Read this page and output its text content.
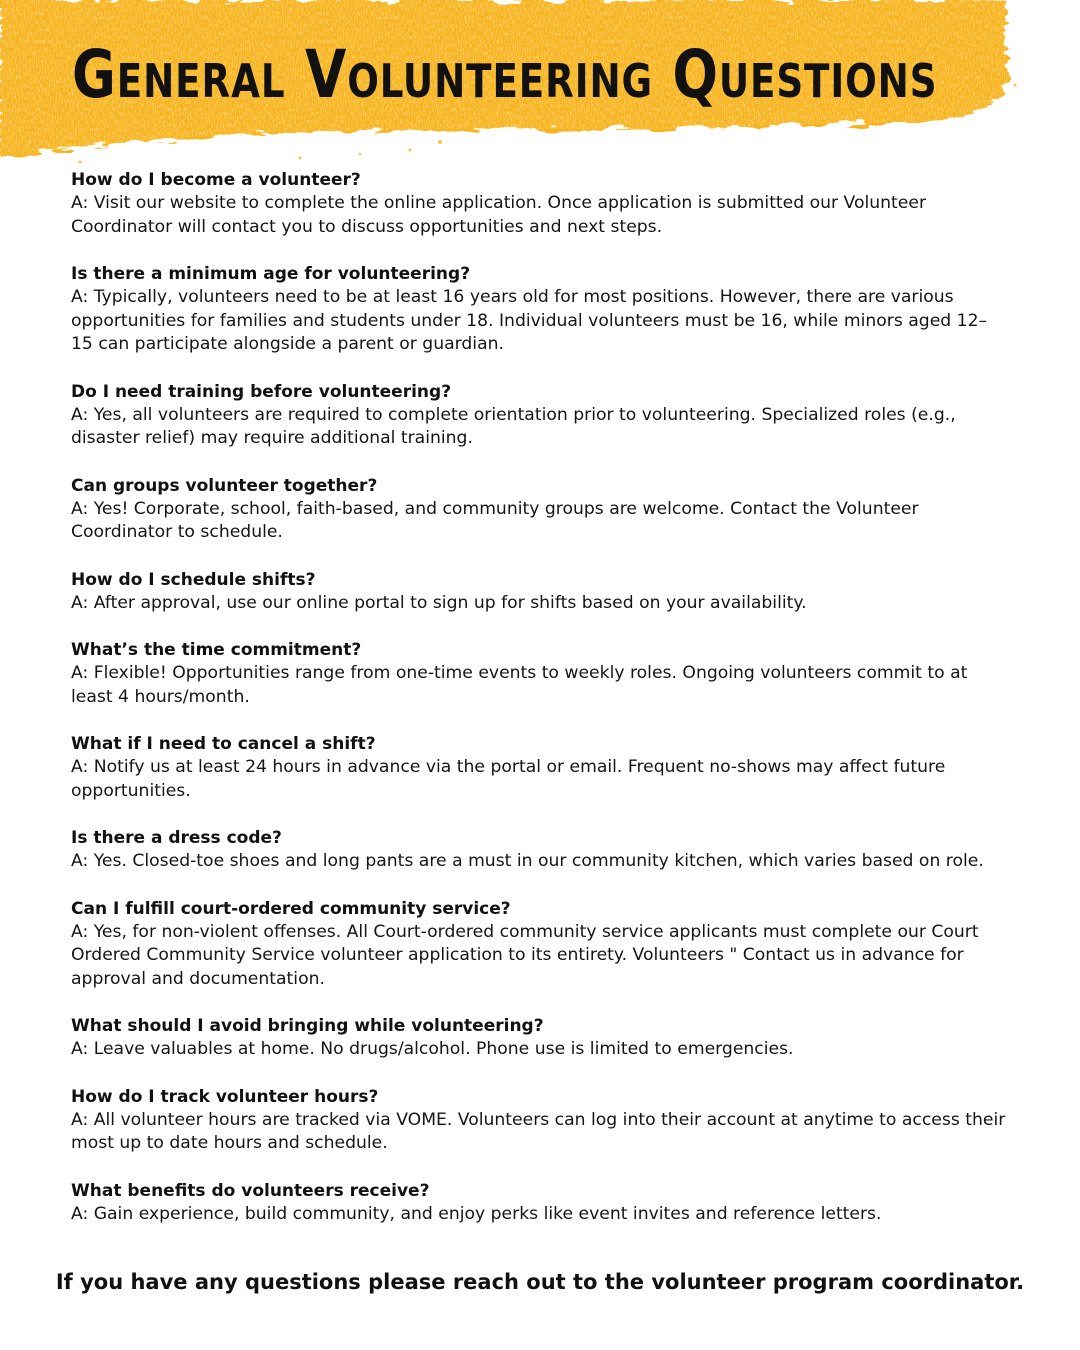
General Volunteering Questions

How do I become a volunteer?

A: Visit our website to complete the online application. Once application is submitted our Volunteer Coordinator will contact you to discuss opportunities and next steps.

Is there a minimum age for volunteering?

A: Typically, volunteers need to be at least 16 years old for most positions. However, there are various opportunities for families and students under 18. Individual volunteers must be 16, while minors aged 12–15 can participate alongside a parent or guardian.

Do I need training before volunteering?

A: Yes, all volunteers are required to complete orientation prior to volunteering. Specialized roles (e.g., disaster relief) may require additional training.

Can groups volunteer together?

A: Yes! Corporate, school, faith-based, and community groups are welcome. Contact the Volunteer Coordinator to schedule.

How do I schedule shifts?

A: After approval, use our online portal to sign up for shifts based on your availability.

What’s the time commitment?

A: Flexible! Opportunities range from one-time events to weekly roles. Ongoing volunteers commit to at least 4 hours/month.

What if I need to cancel a shift?

A: Notify us at least 24 hours in advance via the portal or email. Frequent no-shows may affect future opportunities.

Is there a dress code?

A: Yes. Closed-toe shoes and long pants are a must in our community kitchen, which varies based on role.

Can I fulfill court-ordered community service?

A: Yes, for non-violent offenses. All Court-ordered community service applicants must complete our Court Ordered Community Service volunteer application to its entirety. Volunteers " Contact us in advance for approval and documentation.

What should I avoid bringing while volunteering?

A: Leave valuables at home. No drugs/alcohol. Phone use is limited to emergencies.

How do I track volunteer hours?

A: All volunteer hours are tracked via VOME. Volunteers can log into their account at anytime to access their most up to date hours and schedule.

What benefits do volunteers receive?

A: Gain experience, build community, and enjoy perks like event invites and reference letters.

If you have any questions please reach out to the volunteer program coordinator.
